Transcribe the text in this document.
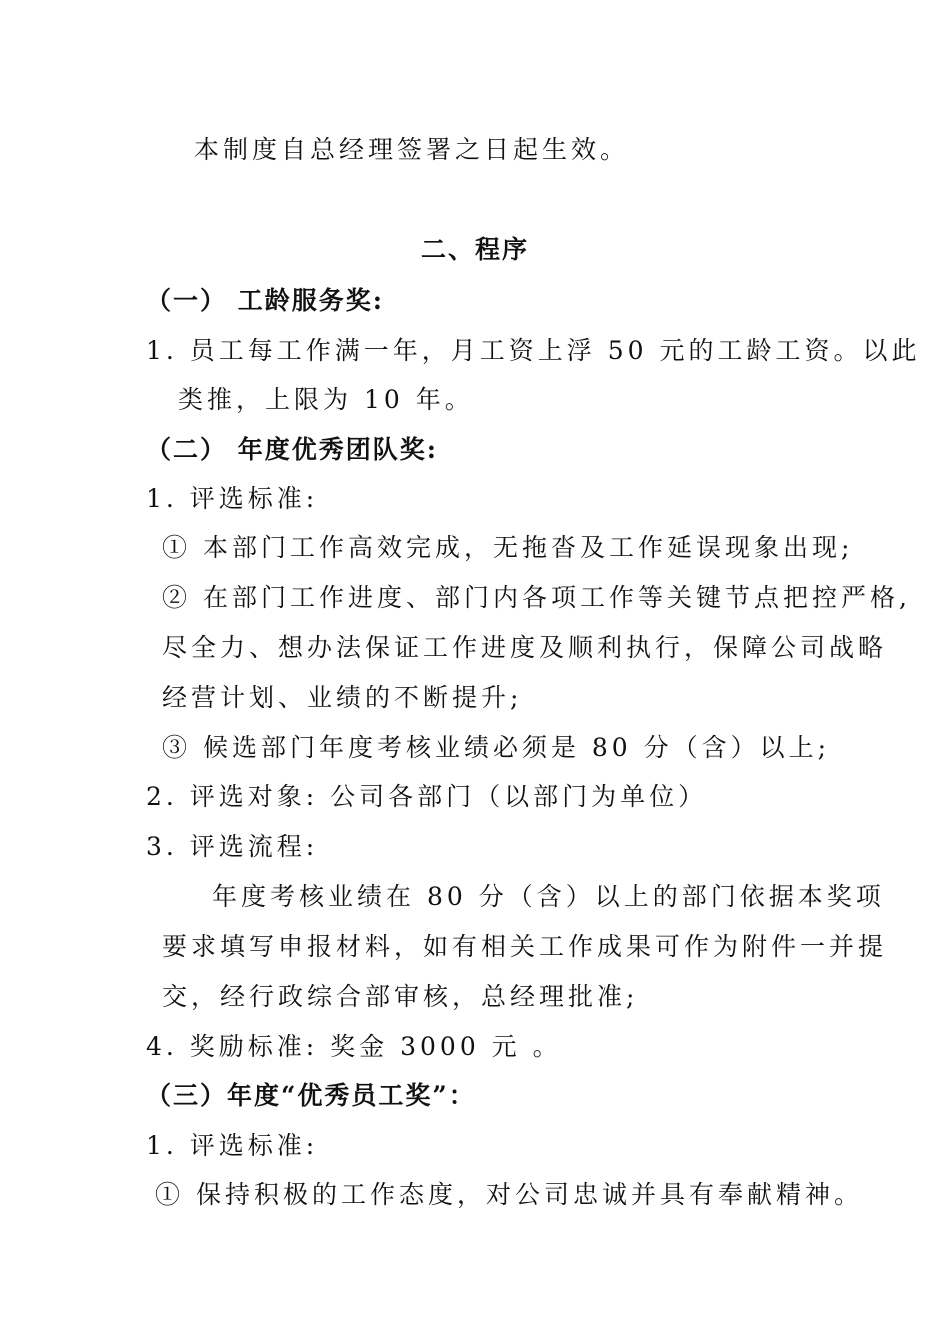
本制度自总经理签署之日起生效。
二、程序
（一） 工龄服务奖:
1. 员工每工作满一年，月工资上浮 50 元的工龄工资。以此
类推，上限为 10 年。
（二） 年度优秀团队奖:
1. 评选标准:
① 本部门工作高效完成，无拖沓及工作延误现象出现;
② 在部门工作进度、部门内各项工作等关键节点把控严格,
尽全力、想办法保证工作进度及顺利执行，保障公司战略
经营计划、业绩的不断提升;
③ 候选部门年度考核业绩必须是 80 分（含）以上;
2. 评选对象: 公司各部门（以部门为单位）
3. 评选流程:
年度考核业绩在 80 分（含）以上的部门依据本奖项
要求填写申报材料，如有相关工作成果可作为附件一并提
交，经行政综合部审核，总经理批准;
4. 奖励标准: 奖金 3000 元 。
（三）年度“优秀员工奖”：
1. 评选标准:
① 保持积极的工作态度，对公司忠诚并具有奉献精神。
